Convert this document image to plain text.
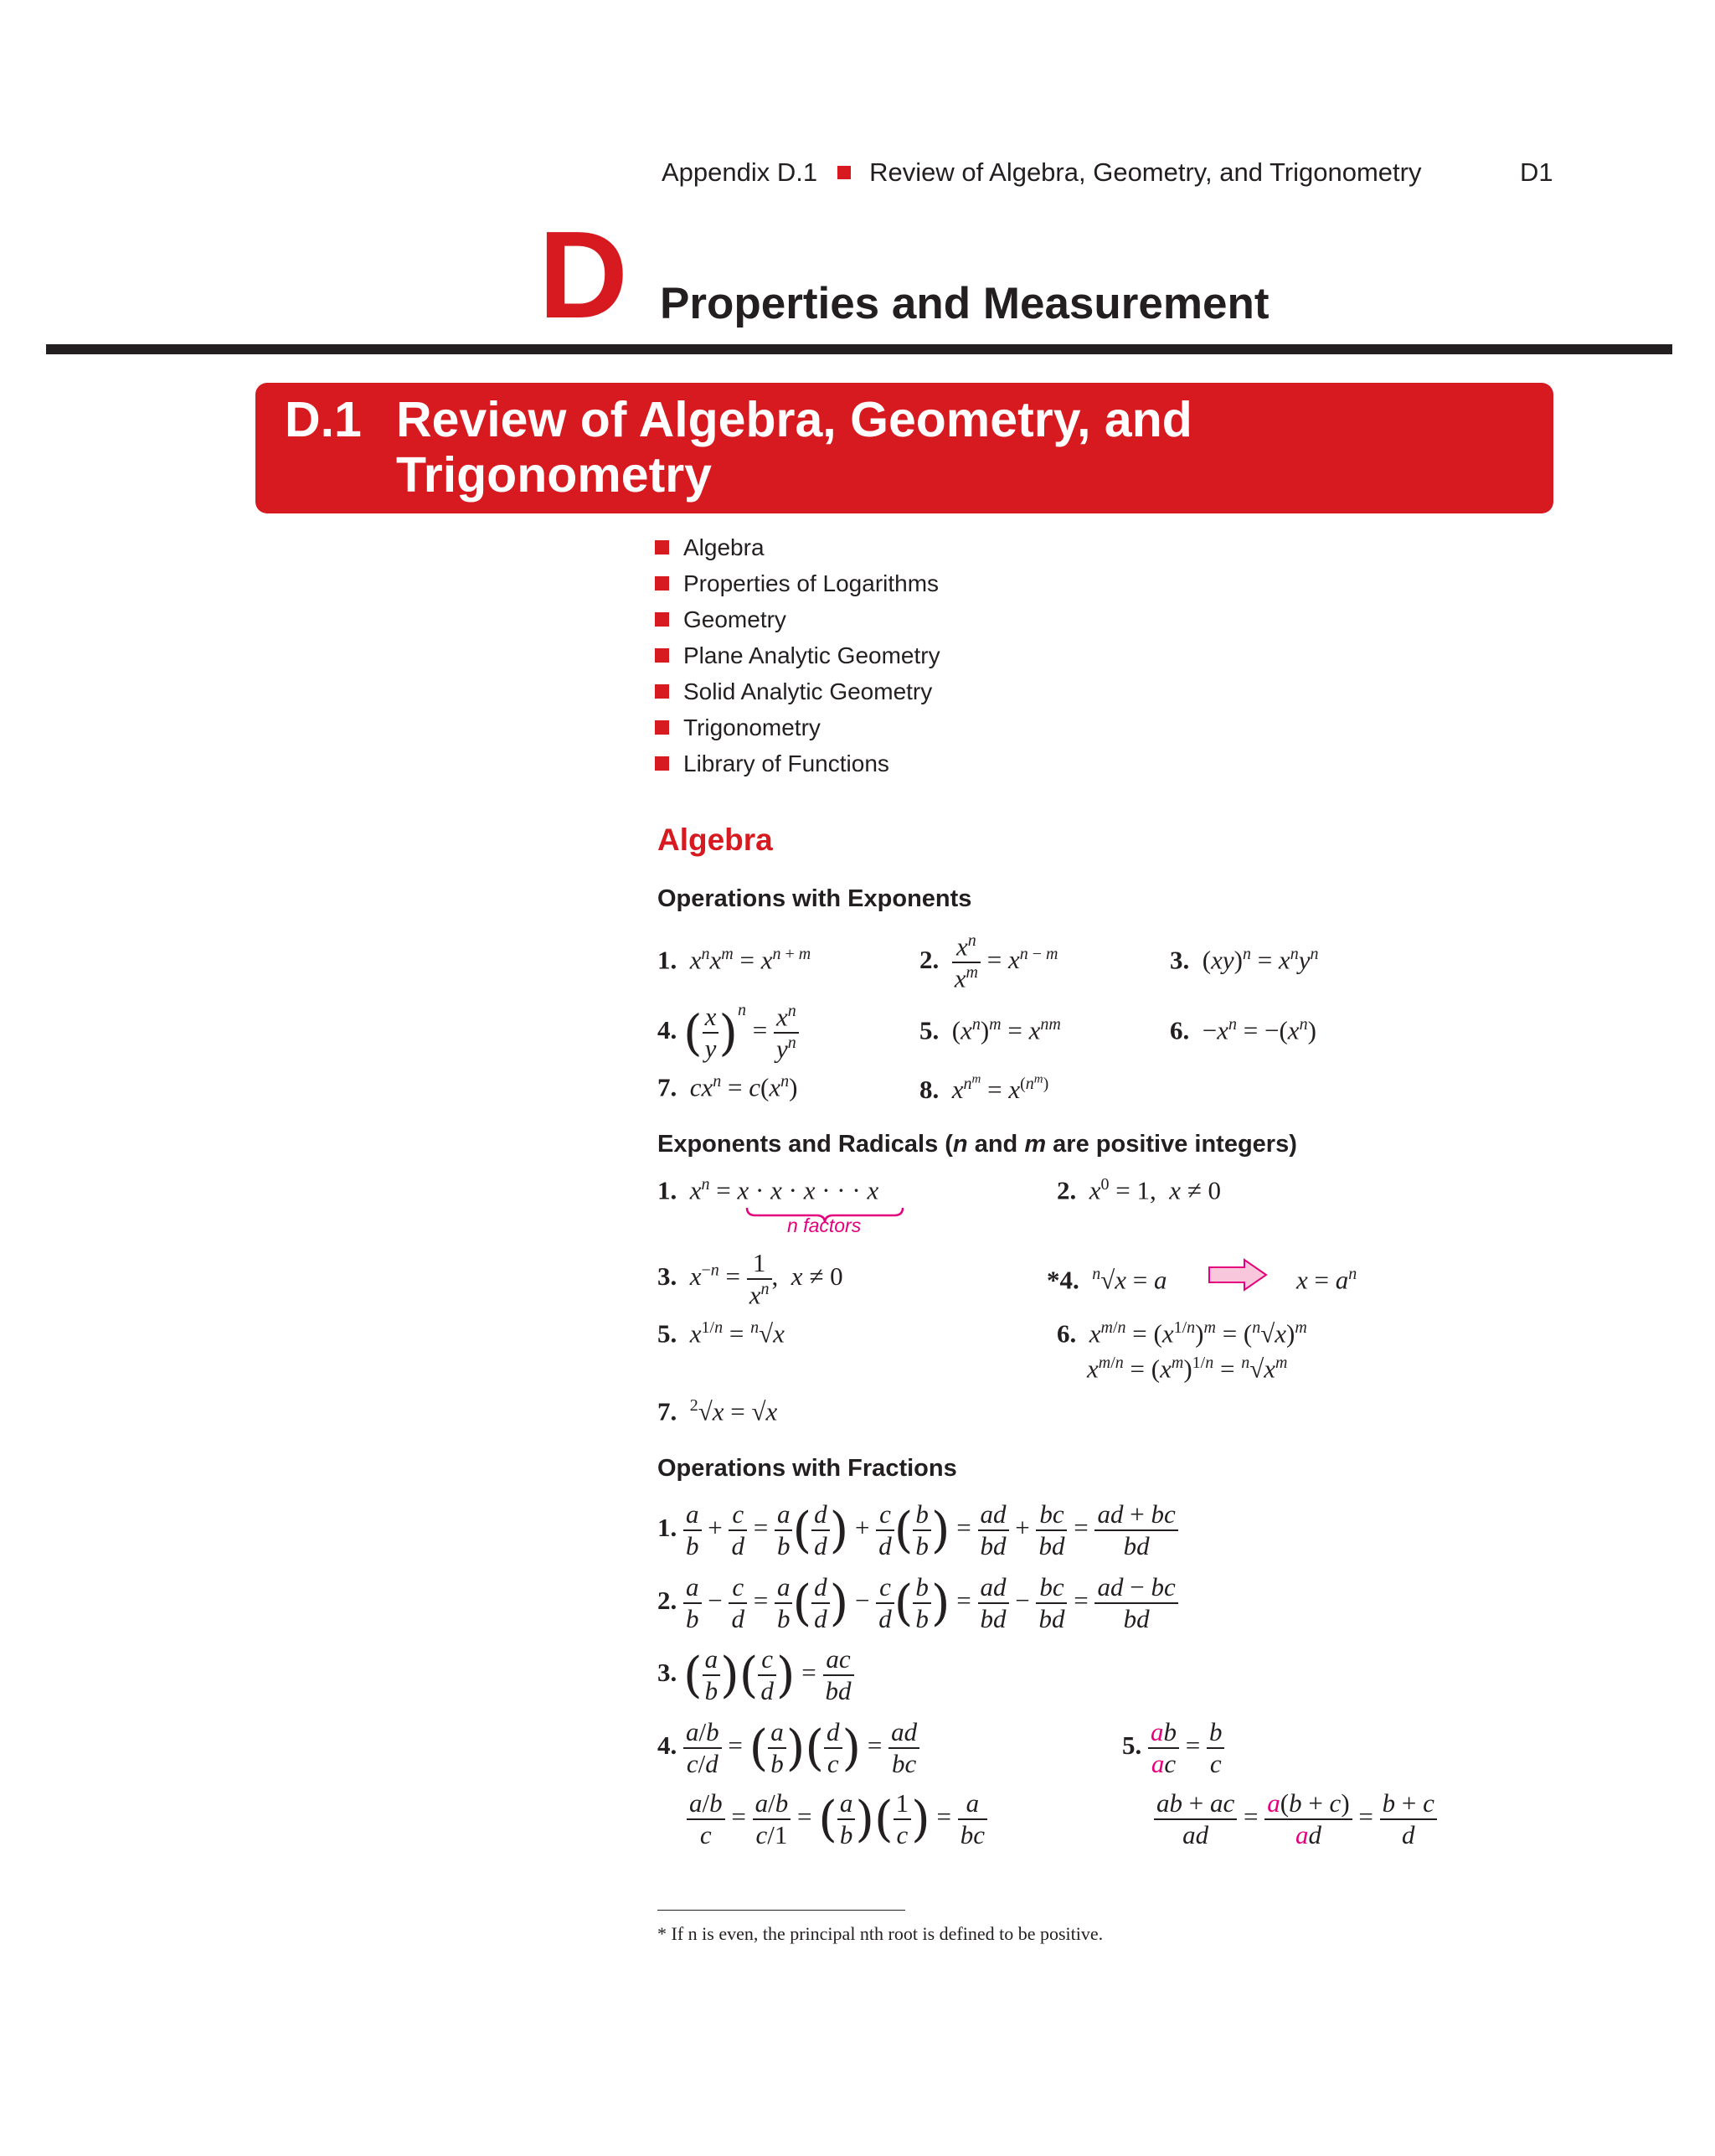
Appendix D.1 Review of Algebra, Geometry, and Trigonometry	D1
D Properties and Measurement
D.1 Review of Algebra, Geometry, and
Trigonometry
Algebra
Properties of Logarithms
Geometry
Plane Analytic Geometry
Solid Analytic Geometry
Trigonometry
Library of Functions
Algebra
Operations with Exponents
1. $x^nx^m = x^{n + m}$	2. $\frac{x^n}{x^m} = x^{n - m}$	3.  $(xy)^n = x^ny^n$
4. ( $\frac{x}{y} )^n = \frac{x^n}{y^n}$	5.  $(x^n)^m = x^{nm}$	6.  $-x^n = -(x^n)$
7. $cx^n = c(x^n)$	8. $x^{n^m} = x^{(n^m)}$
Exponents and Radicals (n and m are positive integers)
1. $x^n = x \cdot x \cdot x$ · · · x
n factors
2. $x^0 = 1$,  x ≠ 0
3. $x^{-n} = \frac{1}{x^n}$ ,  x ≠ 0	*4. $^n$√x = a	$x = a^n$
5. $x^{1/n} = ^n√x$	6. $x^{m/n} = (x^{1/n})^m = (^n√x)^m$
$x^{m/n} = (x^m)^{1/n} = ^n√x^m$
7. $^2$√x = √x
Operations with Fractions
1. $\frac{a}{b} + \frac{c}{d} = \frac{a}{b}$ ( $\frac{d}{d}$ ) + $\frac{c}{d}$ ( $\frac{b}{b}$ ) = $\frac{ad}{bd} + \frac{bc}{bd} = \frac{ad + bc}{bd}$
2. $\frac{a}{b} - \frac{c}{d} = \frac{a}{b}$ ( $\frac{d}{d}$ ) − $\frac{c}{d}$ ( $\frac{b}{b}$ ) = $\frac{ad}{bd} - \frac{bc}{bd} = \frac{ad - bc}{bd}$
3. ( $\frac{a}{b}$ )( $\frac{c}{d}$ ) = $\frac{ac}{bd}$
4. $\frac{a/b}{c/d}$ = ( $\frac{a}{b}$ )( $\frac{d}{c}$ ) = $\frac{ad}{bc}$
$\frac{a/b}{c} = \frac{a/b}{c/1}$ = ( $\frac{a}{b}$ )( $\frac{1}{c}$ ) = $\frac{a}{bc}$
5. $\frac{ab}{ac} = \frac{b}{c}$
$\frac{ab + ac}{ad} = \frac{a(b + c)}{ad} = \frac{b + c}{d}$
* If n is even, the principal nth root is defined to be positive.
